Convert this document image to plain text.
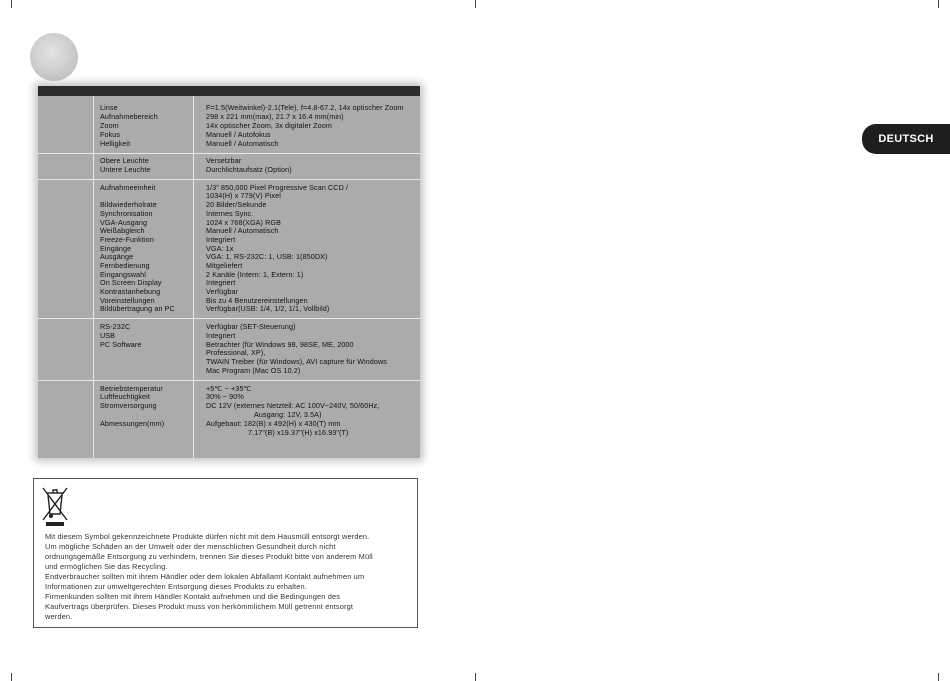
Linse
Aufnahmebereich
Zoom
Fokus
Helligkeit
Obere Leuchte
Untere Leuchte
Aufnahmeeinheit
Bildwiederholrate
Synchronisation
VGA-Ausgang
Weißabgleich
Freeze-Funktion
Eingänge
Ausgänge
Fernbedienung
Eingangswahl
On Screen Display
Kontrastanhebung
Voreinstellungen
Bildübertragung an PC
RS-232C
USB
PC Software
Betriebstemperatur
Luftfeuchtigkeit
Stromversorgung
Abmessungen(mm)
F=1.5(Weitwinkel)-2.1(Tele), f=4.8-67.2, 14x optischer Zoom
298 x 221 mm(max), 21.7 x 16.4 mm(min)
14x optischer Zoom, 3x digitaler Zoom
Manuell / Autofokus
Manuell / Automatisch
Versetzbar
Durchlichtaufsatz (Option)
1/3" 850,000 Pixel Progressive Scan CCD /
1034(H) x 779(V) Pixel
20 Bilder/Sekunde
Internes Sync.
1024 x 768(XGA) RGB
Manuell / Automatisch
Integriert
VGA: 1x
VGA: 1, RS-232C: 1, USB: 1(850DX)
Mitgeliefert
2 Kanäle (Intern: 1, Extern: 1)
Integriert
Verfügbar
Bis zu 4 Benutzereinstellungen
Verfügbar(USB: 1/4, 1/2, 1/1, Vollbild)
Verfügbar (SET-Steuerung)
Integriert
Betrachter (für Windows 98, 98SE, ME, 2000
Professional, XP),
TWAIN Treiber (für Windows), AVI capture für Windows
Mac Program (Mac OS 10.2)
+5℃ ~ +35℃
30% ~ 90%
DC 12V (externes Netzteil: AC 100V~240V, 50/60Hz,
Ausgang: 12V, 3.5A)
Aufgebaut: 182(B) x 492(H) x 430(T) mm
7.17"(B) x19.37"(H) x16.93"(T)
DEUTSCH
Mit diesem Symbol gekennzeichnete Produkte dürfen nicht mit dem Hausmüll entsorgt werden.
Um mögliche Schäden an der Umwelt oder der menschlichen Gesundheit durch nicht
ordnungsgemäße Entsorgung zu verhindern, trennen Sie dieses Produkt bitte von anderem Müll
und ermöglichen Sie das Recycling.
Endverbraucher sollten mit ihrem Händler oder dem lokalen Abfallamt Kontakt aufnehmen um
Informationen zur umweltgerechten Entsorgung dieses Produkts zu erhalten.
Firmenkunden sollten mit ihrem Händler Kontakt aufnehmen und die Bedingungen des
Kaufvertrags überprüfen. Dieses Produkt muss von herkömmlichem Müll getrennt entsorgt
werden.
